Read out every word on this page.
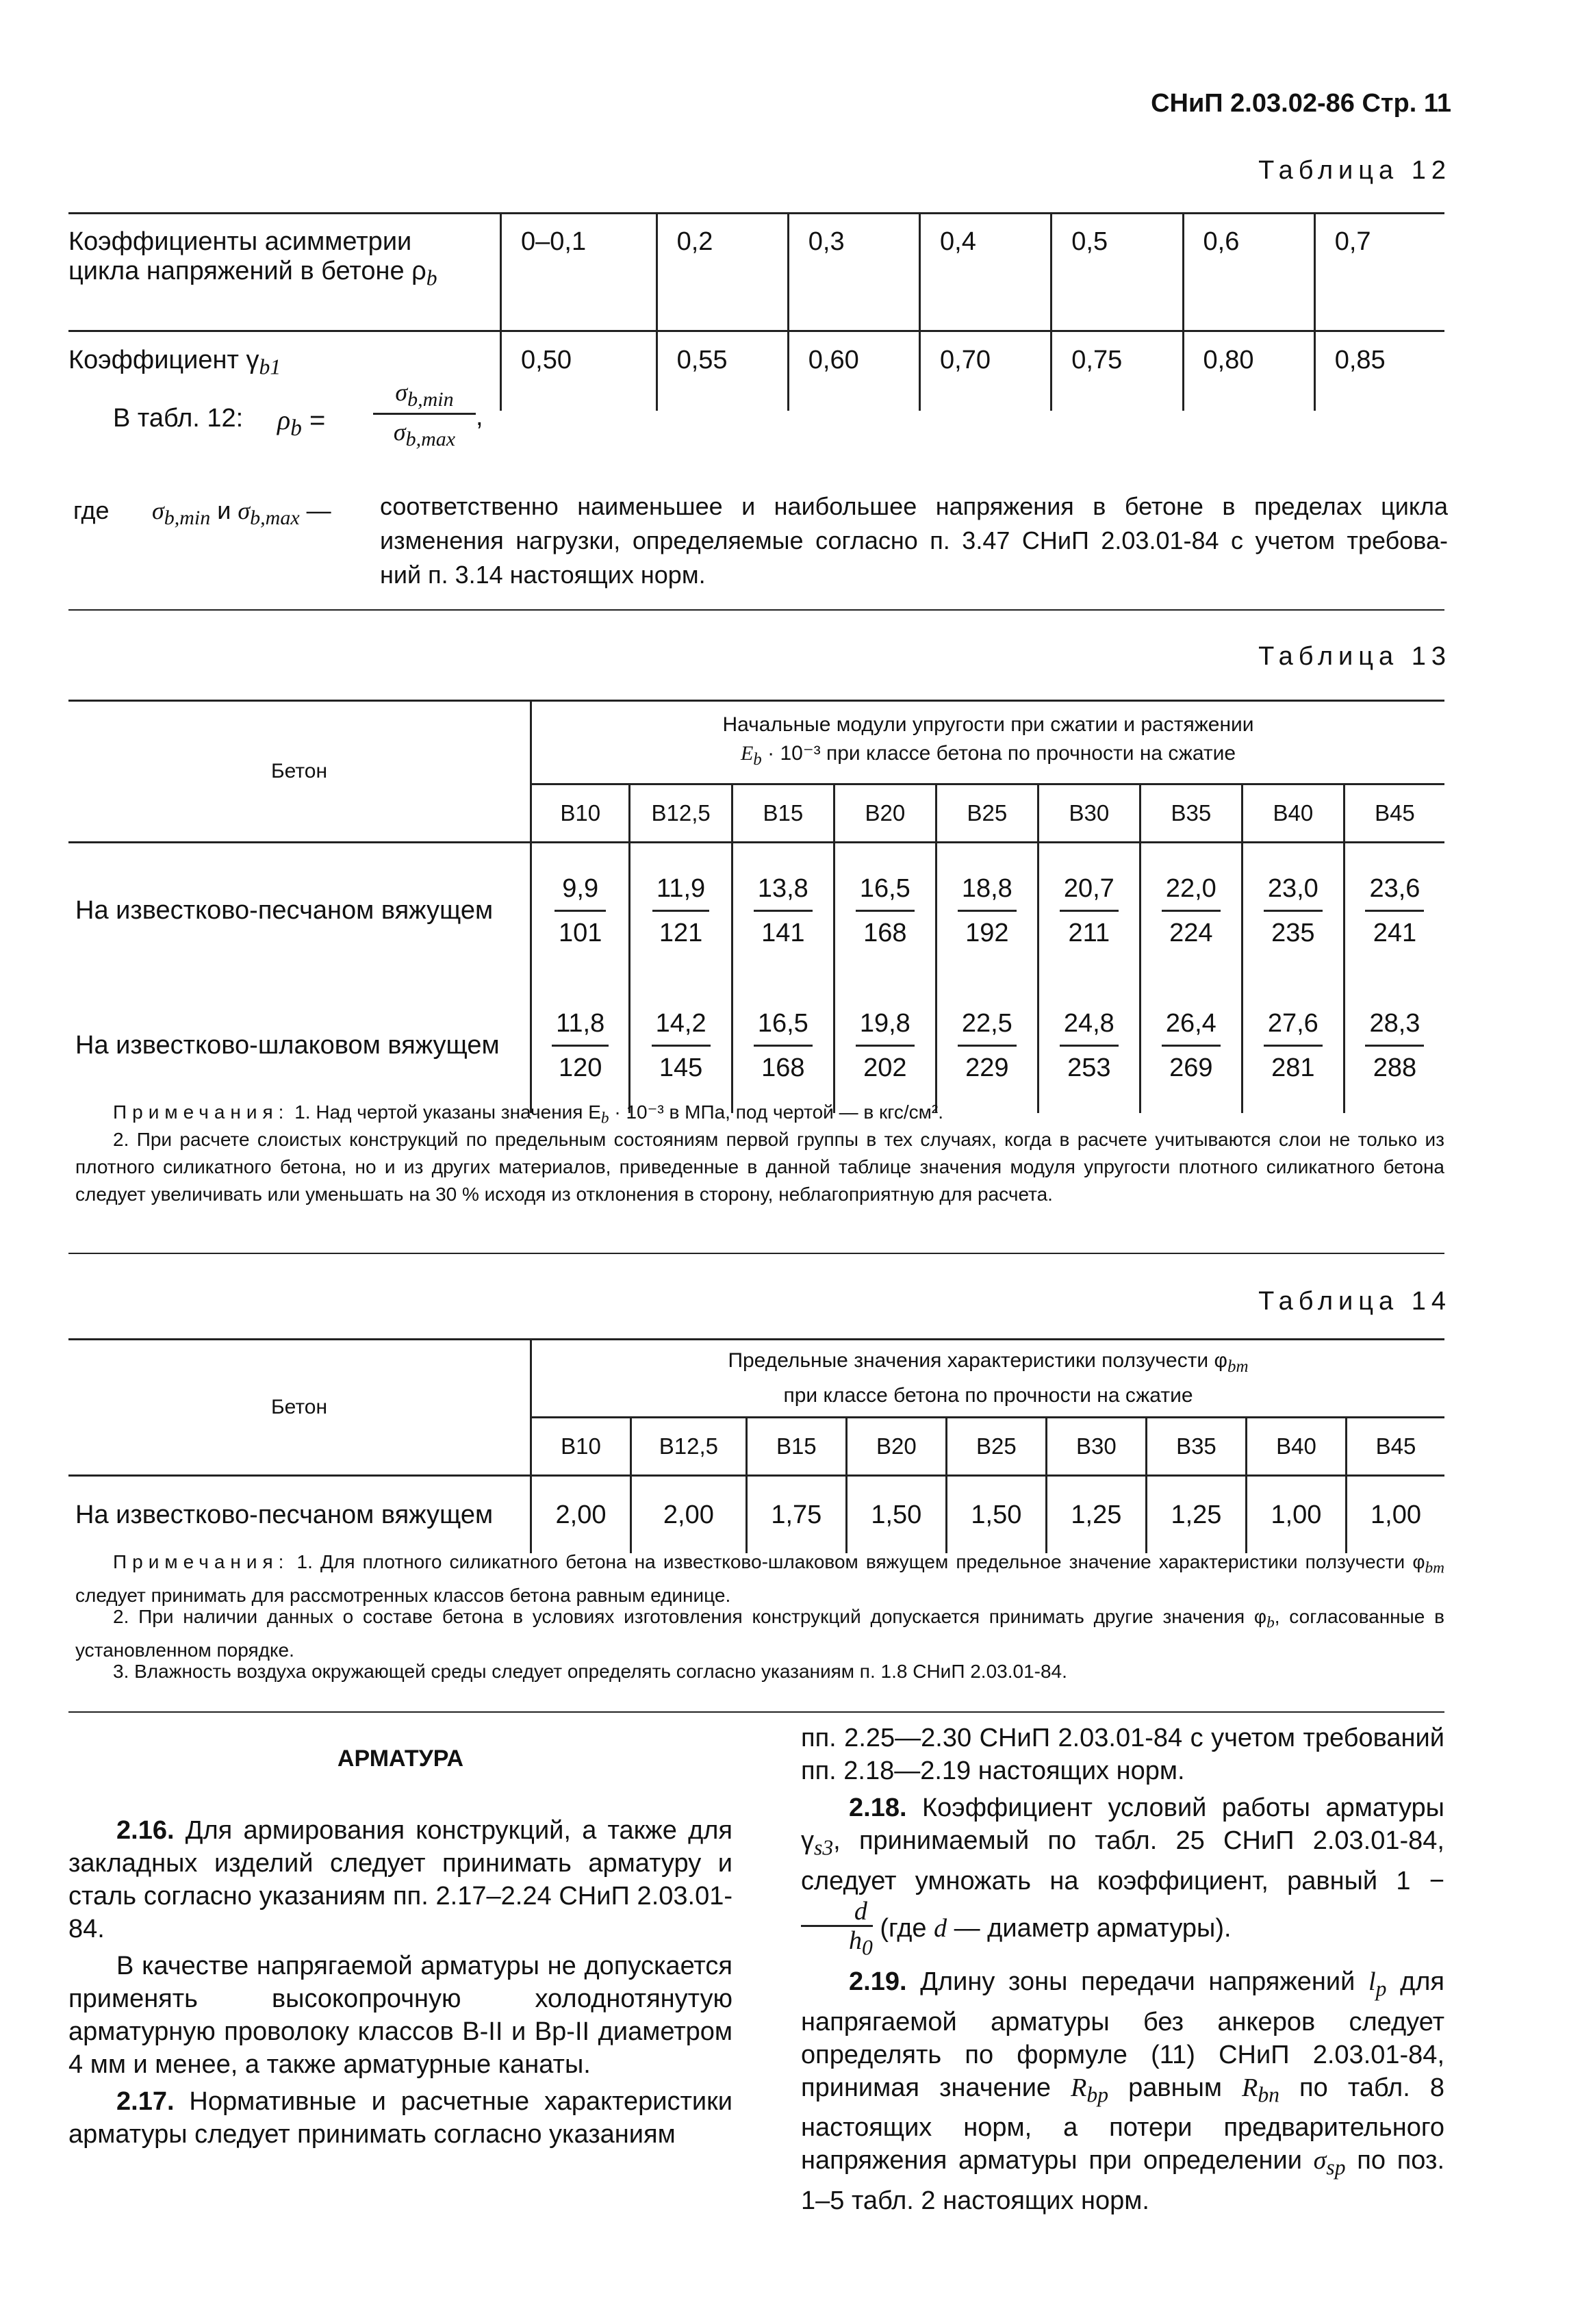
СНиП 2.03.02-86 Стр. 11
Таблица 12
Коэффициенты асимметрии
цикла напряжений в бетоне $\rho_b$	0–0,1	0,2	0,3	0,4	0,5	0,6	0,7
Коэффициент $\gamma_{b1}$	0,50	0,55	0,60	0,70	0,75	0,80	0,85
В табл. 12: $\rho_b$ =
$\sigma_{b,min}$
$\sigma_{b,max}$
,
где $\sigma_{b,min}$ и $\sigma_{b,max}$ — соответственно наименьшее и наибольшее напряжения в бетоне в пределах цикла
изменения нагрузки, определяемые согласно п. 3.47 СНиП 2.03.01-84 с учетом требова-
ний п. 3.14 настоящих норм.
Таблица 13
Бетон	Начальные модули упругости при сжатии и растяжении
$E_b \cdot 10^{-3}$ при классе бетона по прочности на сжатие								
	В10	В12,5	В15	В20	В25	В30	В35	В40	В45
На известково-песчаном вяжущем	$\frac{9,9}{101}$	$\frac{11,9}{121}$	$\frac{13,8}{141}$	$\frac{16,5}{168}$	$\frac{18,8}{192}$	$\frac{20,7}{211}$	$\frac{22,0}{224}$	$\frac{23,0}{235}$	$\frac{23,6}{241}$

На известково-шлаковом вяжущем	$\frac{11,8}{120}$	$\frac{14,2}{145}$	$\frac{16,5}{168}$	$\frac{19,8}{202}$	$\frac{22,5}{229}$	$\frac{24,8}{253}$	$\frac{26,4}{269}$	$\frac{27,6}{281}$	$\frac{28,3}{288}$
Примечания: 1. Над чертой указаны значения $E_b \cdot 10^{-3}$ в МПа, под чертой — в кгс/см².
2. При расчете слоистых конструкций по предельным состояниям первой группы в тех случаях, когда в расчете учитываются слои не только из плотного силикатного бетона, но и из других материалов, приведенные в данной таблице значения модуля упругости плотного силикатного бетона следует увеличивать или уменьшать на 30 % исходя из отклонения в сторону, неблагоприятную для расчета.
Таблица 14
Бетон	Предельные значения характеристики ползучести $\varphi_{bm}$
при классе бетона по прочности на сжатие								
	В10	В12,5	В15	В20	В25	В30	В35	В40	В45
На известково-песчаном вяжущем	2,00	2,00	1,75	1,50	1,50	1,25	1,25	1,00	1,00
Примечания: 1. Для плотного силикатного бетона на известково-шлаковом вяжущем предельное значение характеристики ползучести $\varphi_{bm}$ следует принимать для рассмотренных классов бетона равным единице.
2. При наличии данных о составе бетона в условиях изготовления конструкций допускается принимать другие значения $\varphi_b$, согласованные в установленном порядке.
3. Влажность воздуха окружающей среды следует определять согласно указаниям п. 1.8 СНиП 2.03.01-84.
АРМАТУРА

2.16. Для армирования конструкций, а также для закладных изделий следует принимать арматуру и сталь согласно указаниям пп. 2.17–2.24 СНиП 2.03.01-84.

В качестве напрягаемой арматуры не допускается применять высокопрочную холоднотянутую арматурную проволоку классов В-II и Вр-II диаметром 4 мм и менее, а также арматурные канаты.

2.17. Нормативные и расчетные характеристики арматуры следует принимать согласно указаниям

пп. 2.25—2.30 СНиП 2.03.01-84 с учетом требований пп. 2.18—2.19 настоящих норм.

2.18. Коэффициент условий работы арматуры $\gamma_{s3}$, принимаемый по табл. 25 СНиП 2.03.01-84, следует умножать на коэффициент, равный 1 −
$\frac{d}{h_0} (где$ d — диаметр арматуры).

2.19. Длину зоны передачи напряжений $l_p$ для напрягаемой арматуры без анкеров следует определять по формуле (11) СНиП 2.03.01-84, принимая значение $R_{bp}$ равным $R_{bn}$ по табл. 8 настоящих норм, а потери предварительного напряжения арматуры при определении $\sigma_{sp}$ по поз. 1–5 табл. 2 настоящих норм.
